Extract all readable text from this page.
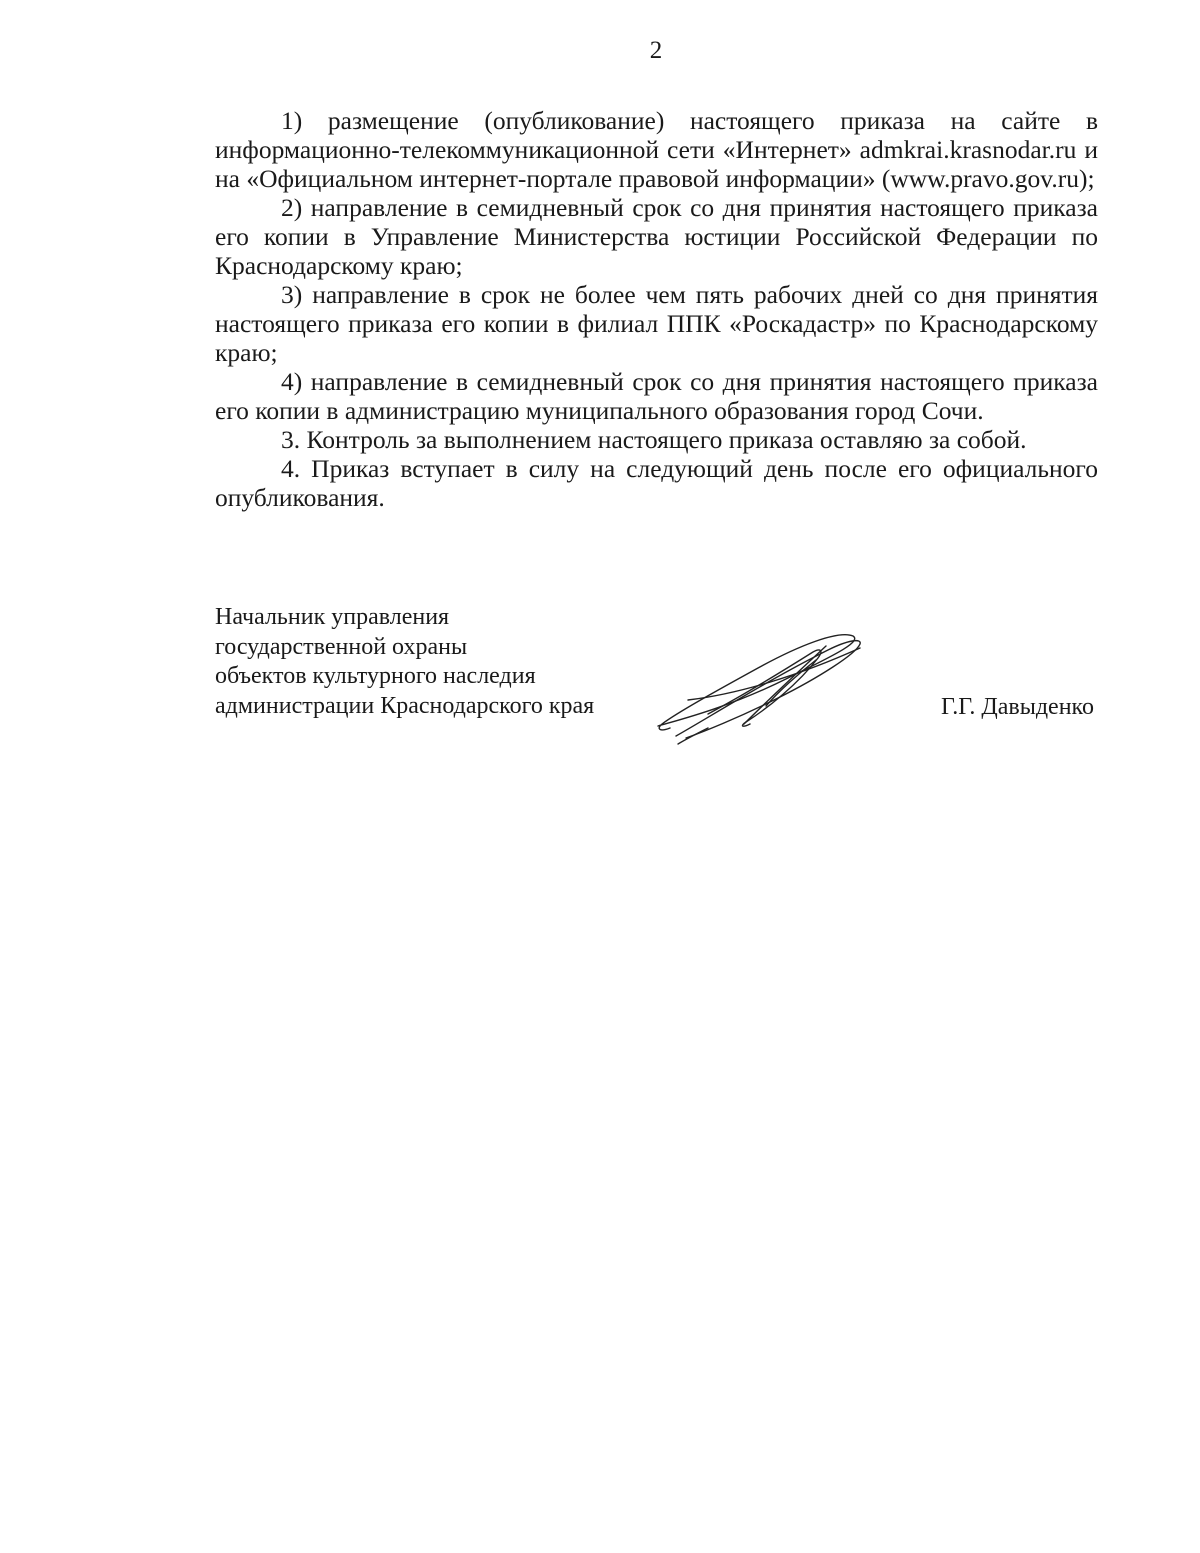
2

1) размещение (опубликование) настоящего приказа на сайте в информационно-телекоммуникационной сети «Интернет» admkrai.krasnodar.ru и на «Официальном интернет-портале правовой информации» (www.pravo.gov.ru);

2) направление в семидневный срок со дня принятия настоящего приказа его копии в Управление Министерства юстиции Российской Федерации по Краснодарскому краю;

3) направление в срок не более чем пять рабочих дней со дня принятия настоящего приказа его копии в филиал ППК «Роскадастр» по Краснодарскому краю;

4) направление в семидневный срок со дня принятия настоящего приказа его копии в администрацию муниципального образования город Сочи.

3. Контроль за выполнением настоящего приказа оставляю за собой.

4. Приказ вступает в силу на следующий день после его официального опубликования.

Начальник управления
государственной охраны
объектов культурного наследия
администрации Краснодарского края	Г.Г. Давыденко
